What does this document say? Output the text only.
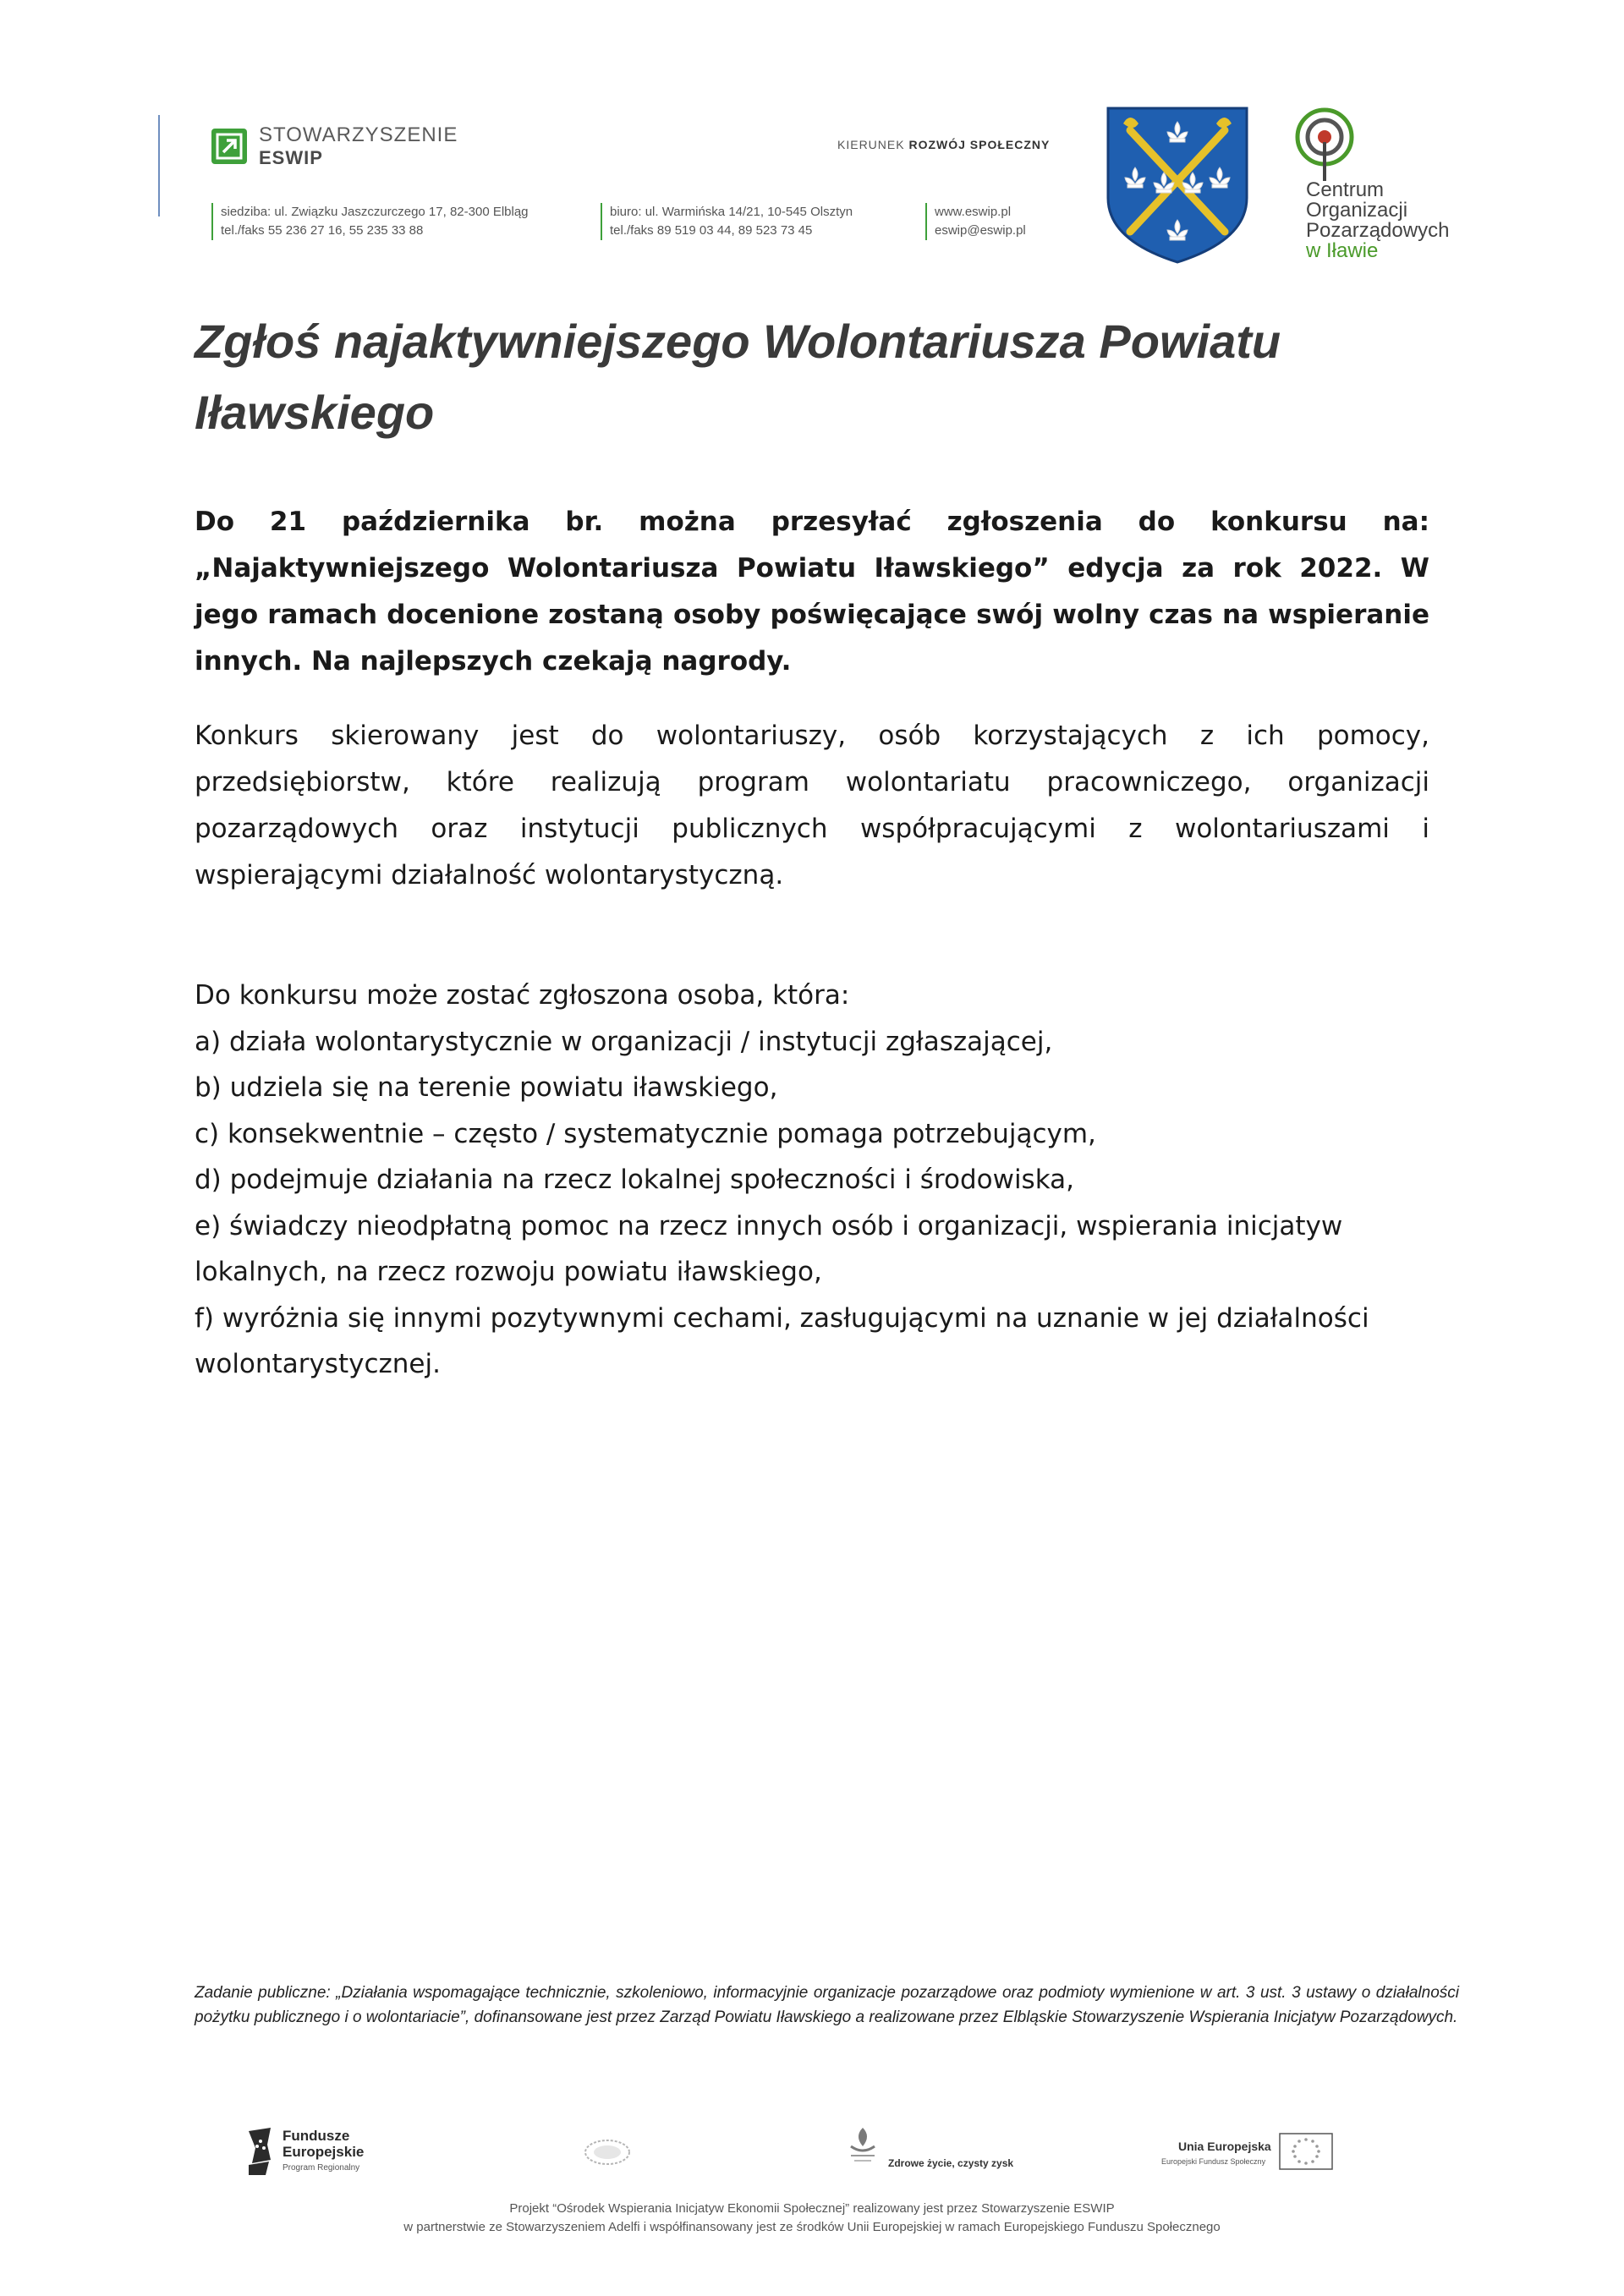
STOWARZYSZENIE
ESWIP
KIERUNEK ROZWÓJ SPOŁECZNY
siedziba: ul. Związku Jaszczurczego 17, 82-300 Elbląg
tel./faks 55 236 27 16, 55 235 33 88
biuro: ul. Warmińska 14/21, 10-545 Olsztyn
tel./faks 89 519 03 44, 89 523 73 45
www.eswip.pl
eswip@eswip.pl
Centrum
Organizacji
Pozarządowych
w Iławie
Zgłoś najaktywniejszego Wolontariusza Powiatu Iławskiego
Do 21 października br. można przesyłać zgłoszenia do konkursu na: „Najaktywniejszego Wolontariusza Powiatu Iławskiego” edycja za rok 2022. W jego ramach docenione zostaną osoby poświęcające swój wolny czas na wspieranie innych. Na najlepszych czekają nagrody.
Konkurs skierowany jest do wolontariuszy, osób korzystających z ich pomocy, przedsiębiorstw, które realizują program wolontariatu pracowniczego, organizacji pozarządowych oraz instytucji publicznych współpracującymi z wolontariuszami i wspierającymi działalność wolontarystyczną.
Do konkursu może zostać zgłoszona osoba, która:
a) działa wolontarystycznie w organizacji / instytucji zgłaszającej,
b) udziela się na terenie powiatu iławskiego,
c) konsekwentnie – często / systematycznie pomaga potrzebującym,
d) podejmuje działania na rzecz lokalnej społeczności i środowiska,
e) świadczy nieodpłatną pomoc na rzecz innych osób i organizacji, wspierania inicjatyw lokalnych, na rzecz rozwoju powiatu iławskiego,
f) wyróżnia się innymi pozytywnymi cechami, zasługującymi na uznanie w jej działalności wolontarystycznej.
Zadanie publiczne: „Działania wspomagające technicznie, szkoleniowo, informacyjnie organizacje pozarządowe oraz podmioty wymienione w art. 3 ust. 3 ustawy o działalności pożytku publicznego i o wolontariacie”, dofinansowane jest przez Zarząd Powiatu Iławskiego a realizowane przez Elbląskie Stowarzyszenie Wspierania Inicjatyw Pozarządowych.
Fundusze
Europejskie
Program Regionalny	Zdrowe życie, czysty zysk
Unia Europejska
Europejski Fundusz Społeczny
Projekt “Ośrodek Wspierania Inicjatyw Ekonomii Społecznej” realizowany jest przez Stowarzyszenie ESWIP
w partnerstwie ze Stowarzyszeniem Adelfi i współfinansowany jest ze środków Unii Europejskiej w ramach Europejskiego Funduszu Społecznego
